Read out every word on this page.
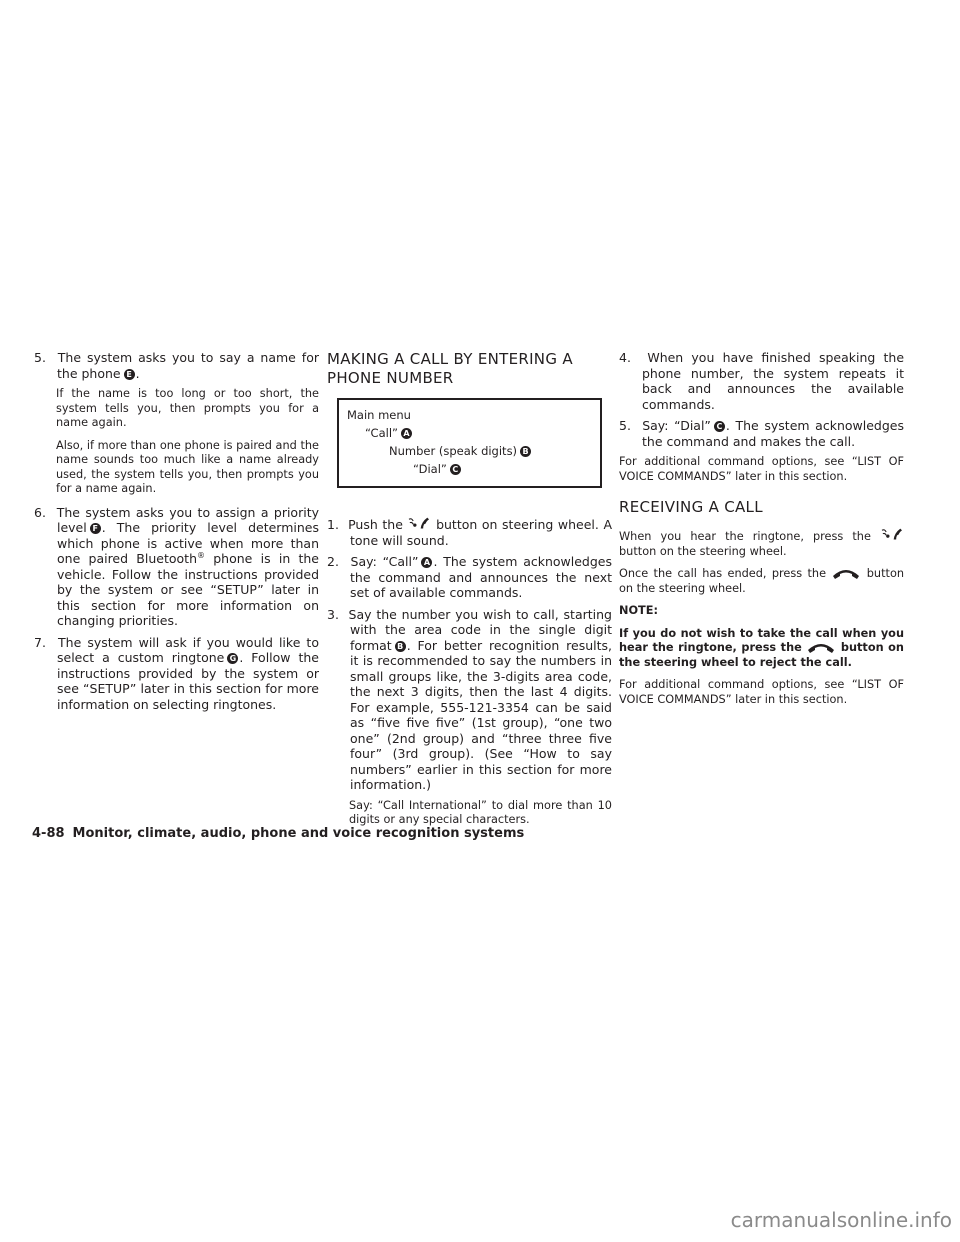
5. The system asks you to say a name for the phone E .

If the name is too long or too short, the system tells you, then prompts you for a name again.

Also, if more than one phone is paired and the name sounds too much like a name already used, the system tells you, then prompts you for a name again.

6. The system asks you to assign a priority level F . The priority level determines which phone is active when more than one paired Bluetooth® phone is in the vehicle. Follow the instructions provided by the system or see “SETUP” later in this section for more information on changing priorities.

7. The system will ask if you would like to select a custom ringtone G . Follow the instructions provided by the system or see “SETUP” later in this section for more information on selecting ringtones.

MAKING A CALL BY ENTERING A PHONE NUMBER
Main menu
“Call” A
Number (speak digits) B
“Dial” C

1. Push the	button on steering wheel. A tone will sound.

2. Say: “Call” A . The system acknowledges the command and announces the next set of available commands.

3. Say the number you wish to call, starting with the area code in the single digit format B . For better recognition results, it is recommended to say the numbers in small groups like, the 3-digits area code, the next 3 digits, then the last 4 digits. For example, 555-121-3354 can be said as “five five five” (1st group), “one two one” (2nd group) and “three three five four” (3rd group). (See “How to say numbers” earlier in this section for more information.)

Say: “Call International” to dial more than 10 digits or any special characters.

4. When you have finished speaking the phone number, the system repeats it back and announces the available commands.

5. Say: “Dial” C . The system acknowledges the command and makes the call.

For additional command options, see “LIST OF VOICE COMMANDS” later in this section.

RECEIVING A CALL

When you hear the ringtone, press the  button on the steering wheel.

Once the call has ended, press the	button on the steering wheel.

NOTE:

If you do not wish to take the call when you hear the ringtone, press the	button on the steering wheel to reject the call.

For additional command options, see “LIST OF VOICE COMMANDS” later in this section.

4-88 Monitor, climate, audio, phone and voice recognition systems
carmanualsonline.info
